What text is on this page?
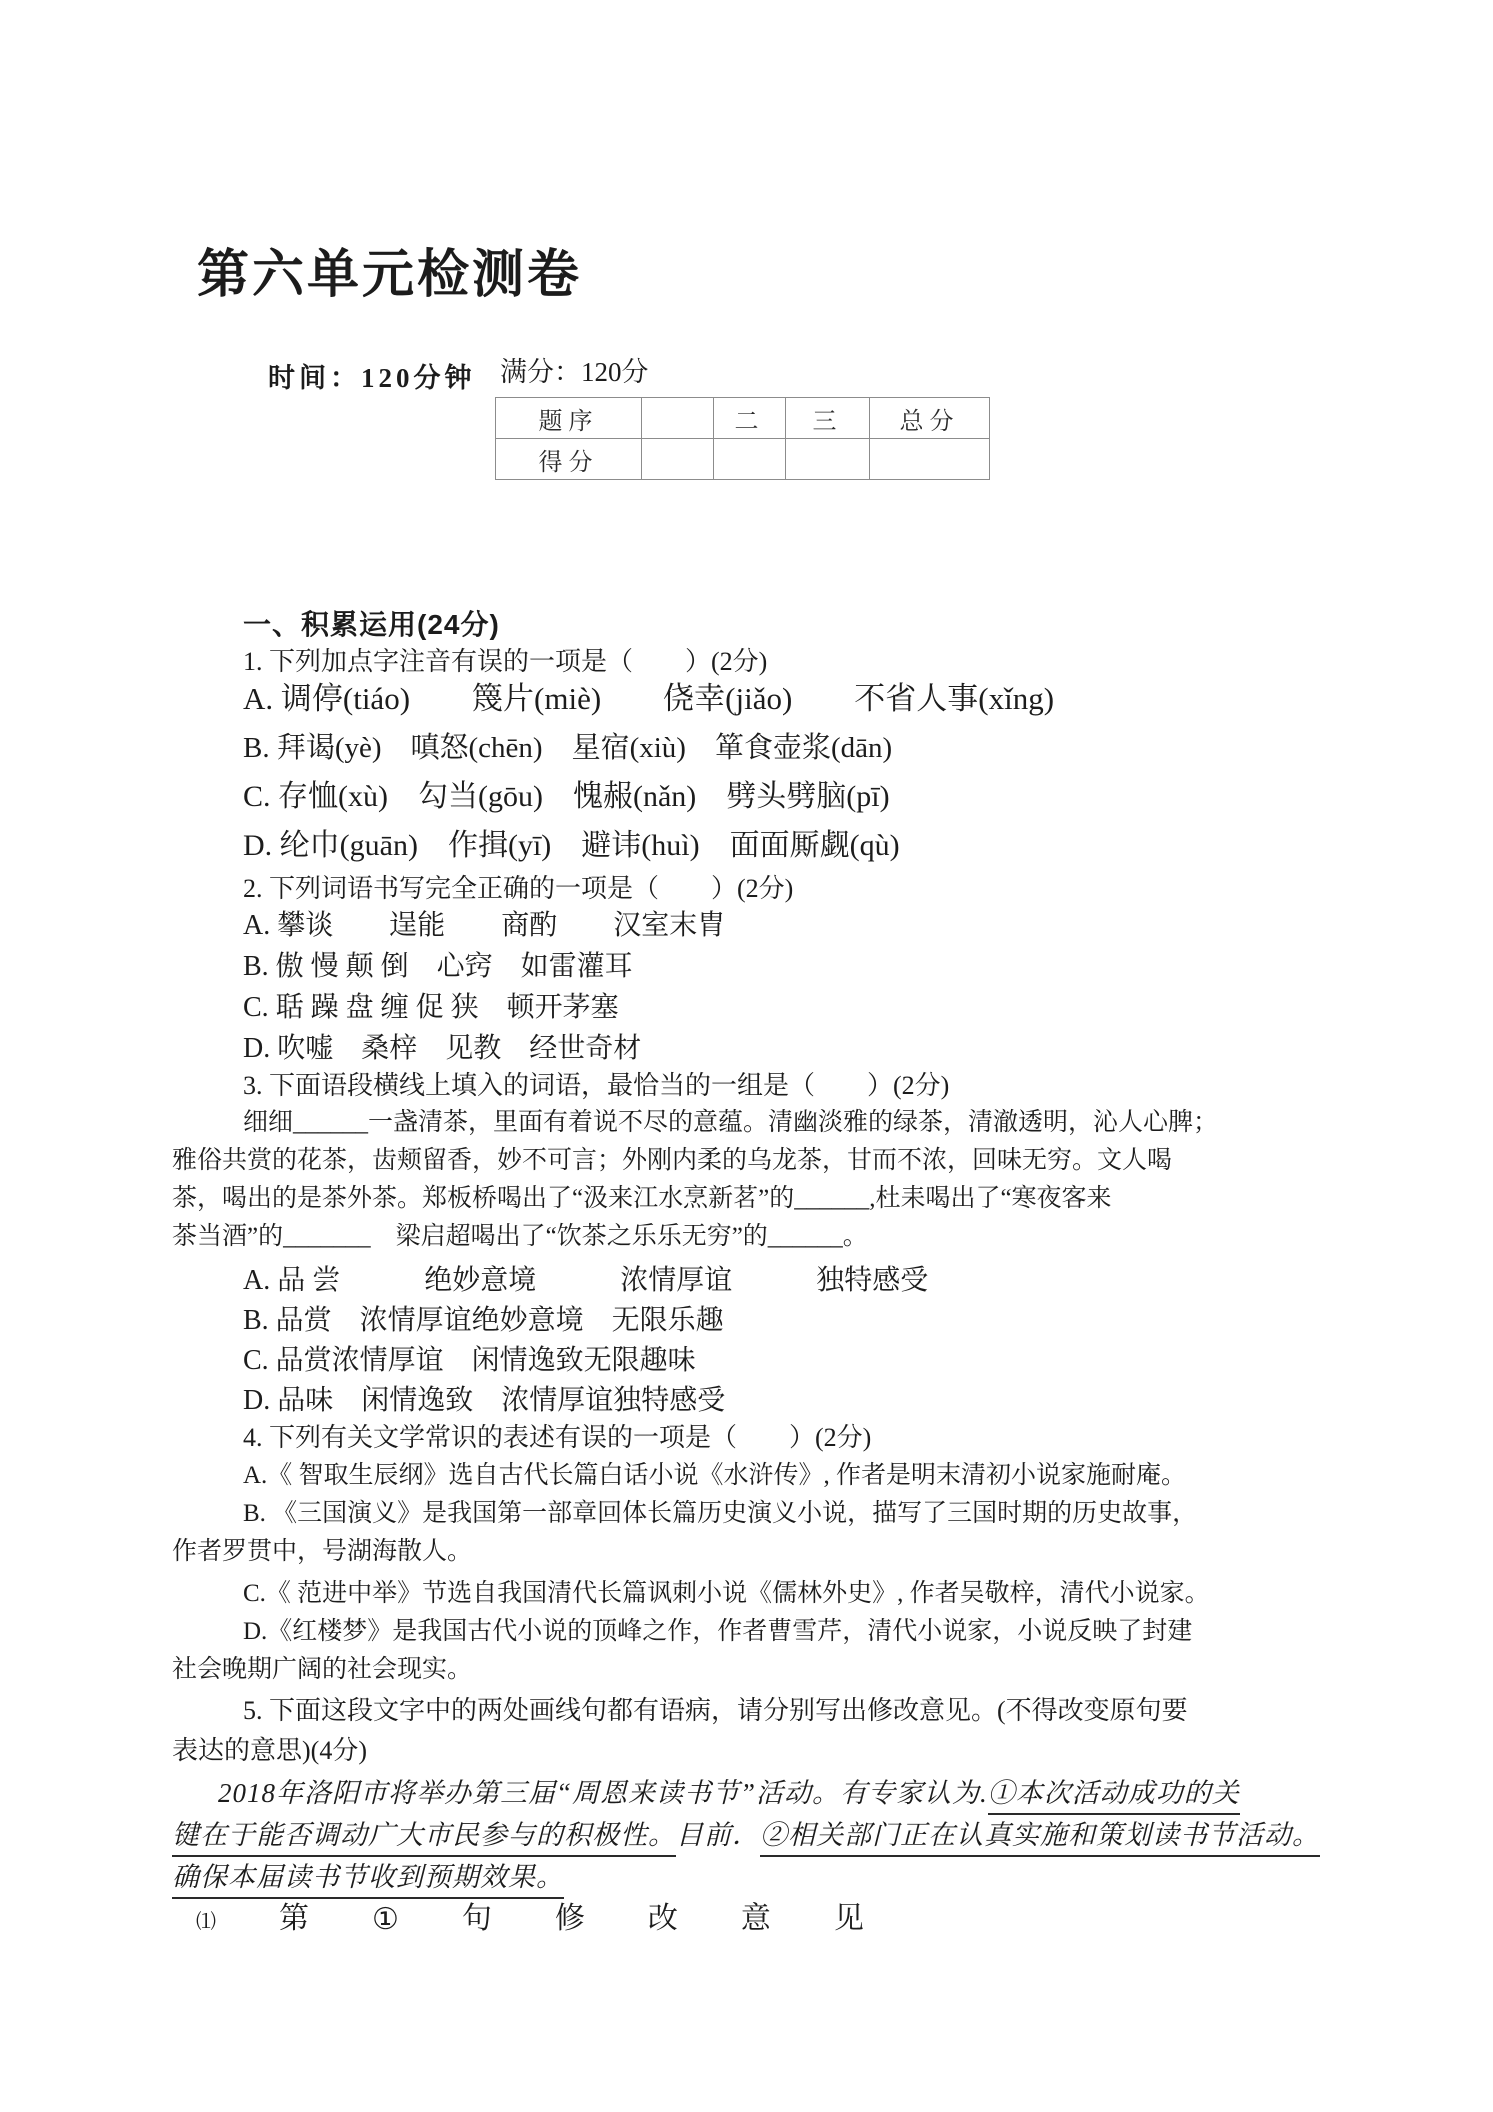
第六单元检测卷
时间：120分钟 满分：120分
题序		二	三	总分
得分				
一、积累运用(24分)
1. 下列加点字注音有误的一项是（　　）(2分)
A. 调停(tiáo)　　篾片(miè)　　侥幸(jiǎo)　　不省人事(xǐng)
B. 拜谒(yè)　嗔怒(chēn)　星宿(xiù)　箪食壶浆(dān)
C. 存恤(xù)　勾当(gōu)　愧赧(nǎn)　劈头劈脑(pī)
D. 纶巾(guān)　作揖(yī)　避讳(huì)　面面厮觑(qù)
2. 下列词语书写完全正确的一项是（　　）(2分)
A. 攀谈　　逞能　　商酌　　汉室末胄
B. 傲 慢 颠 倒　心窍　如雷灌耳
C. 聒 躁 盘 缠 促 狭　顿开茅塞
D. 吹嘘　桑梓　见教　经世奇材
3. 下面语段横线上填入的词语，最恰当的一组是（　　）(2分)
细细______一盏清茶，里面有着说不尽的意蕴。清幽淡雅的绿茶，清澈透明，沁人心脾；
雅俗共赏的花茶，齿颊留香，妙不可言；外刚内柔的乌龙茶，甘而不浓，回味无穷。文人喝
茶，喝出的是茶外茶。郑板桥喝出了“汲来江水烹新茗”的______,杜耒喝出了“寒夜客来
茶当酒”的_______　梁启超喝出了“饮茶之乐乐无穷”的______。
A. 品 尝　　　绝妙意境　　　浓情厚谊　　　独特感受
B. 品赏　浓情厚谊绝妙意境　无限乐趣
C. 品赏浓情厚谊　闲情逸致无限趣味
D. 品味　闲情逸致　浓情厚谊独特感受
4. 下列有关文学常识的表述有误的一项是（　　）(2分)
A.《 智取生辰纲》选自古代长篇白话小说《水浒传》, 作者是明末清初小说家施耐庵。
B. 《三国演义》是我国第一部章回体长篇历史演义小说，描写了三国时期的历史故事，
作者罗贯中，号湖海散人。
C.《 范进中举》节选自我国清代长篇讽刺小说《儒林外史》, 作者吴敬梓，清代小说家。
D.《红楼梦》是我国古代小说的顶峰之作，作者曹雪芹，清代小说家，小说反映了封建
社会晚期广阔的社会现实。
5. 下面这段文字中的两处画线句都有语病，请分别写出修改意见。(不得改变原句要
表达的意思)(4分)
2018年洛阳市将举办第三届“周恩来读书节”活动。有专家认为.①本次活动成功的关
键在于能否调动广大市民参与的积极性。目前．②相关部门正在认真实施和策划读书节活动。
确保本届读书节收到预期效果。
⑴ 第 ① 句 修 改 意 见
